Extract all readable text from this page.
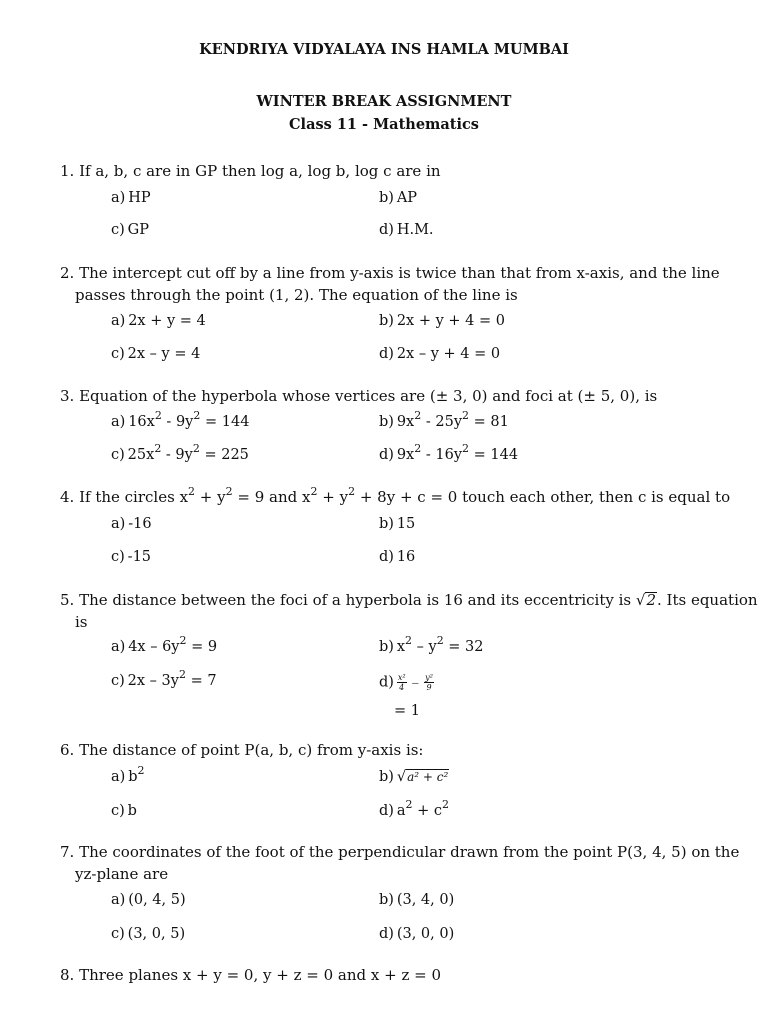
KENDRIYA VIDYALAYA INS HAMLA MUMBAI
WINTER BREAK ASSIGNMENT
Class 11 - Mathematics
1. If a, b, c are in GP then log a, log b, log c are in
a) HP	b) AP
c) GP	d) H.M.
2. The intercept cut off by a line from y-axis is twice than that from x-axis, and the line
passes through the point (1, 2). The equation of the line is
a) 2x + y = 4	b) 2x + y + 4 = 0
c) 2x – y = 4	d) 2x – y + 4 = 0
3. Equation of the hyperbola whose vertices are (± 3, 0) and foci at (± 5, 0), is
a) $16x^2 - 9y^2 = 144$	b) $9x^2 - 25y^2 = 81$
c) $25x^2 - 9y^2 = 225$	d) $9x^2 - 16y^2 = 144$
4. If the circles $x^2 + y^2 = 9$ and $x^2 + y^2 + 8y + c = 0$ touch each other, then c is equal to
a) -16	b) 15
c) -15	d) 16
5. The distance between the foci of a hyperbola is 16 and its eccentricity is √2. Its equation
is
a) $4x - 6y^2 = 9$	b) $x^2 - y^2 = 32$
c) $2x - 3y^2 = 7$	$d) \frac{\text{x²}}{4} - \frac{\text{y²}}{9}$
= 1
6. The distance of point P(a, b, c) from y-axis is:
a) $b^2$	b) √a² + c²
c) b	d) $a^2 + c^2$
7. The coordinates of the foot of the perpendicular drawn from the point P(3, 4, 5) on the
yz-plane are
a) (0, 4, 5)	b) (3, 4, 0)
c) (3, 0, 5)	d) (3, 0, 0)
8. Three planes x + y = 0, y + z = 0 and x + z = 0
